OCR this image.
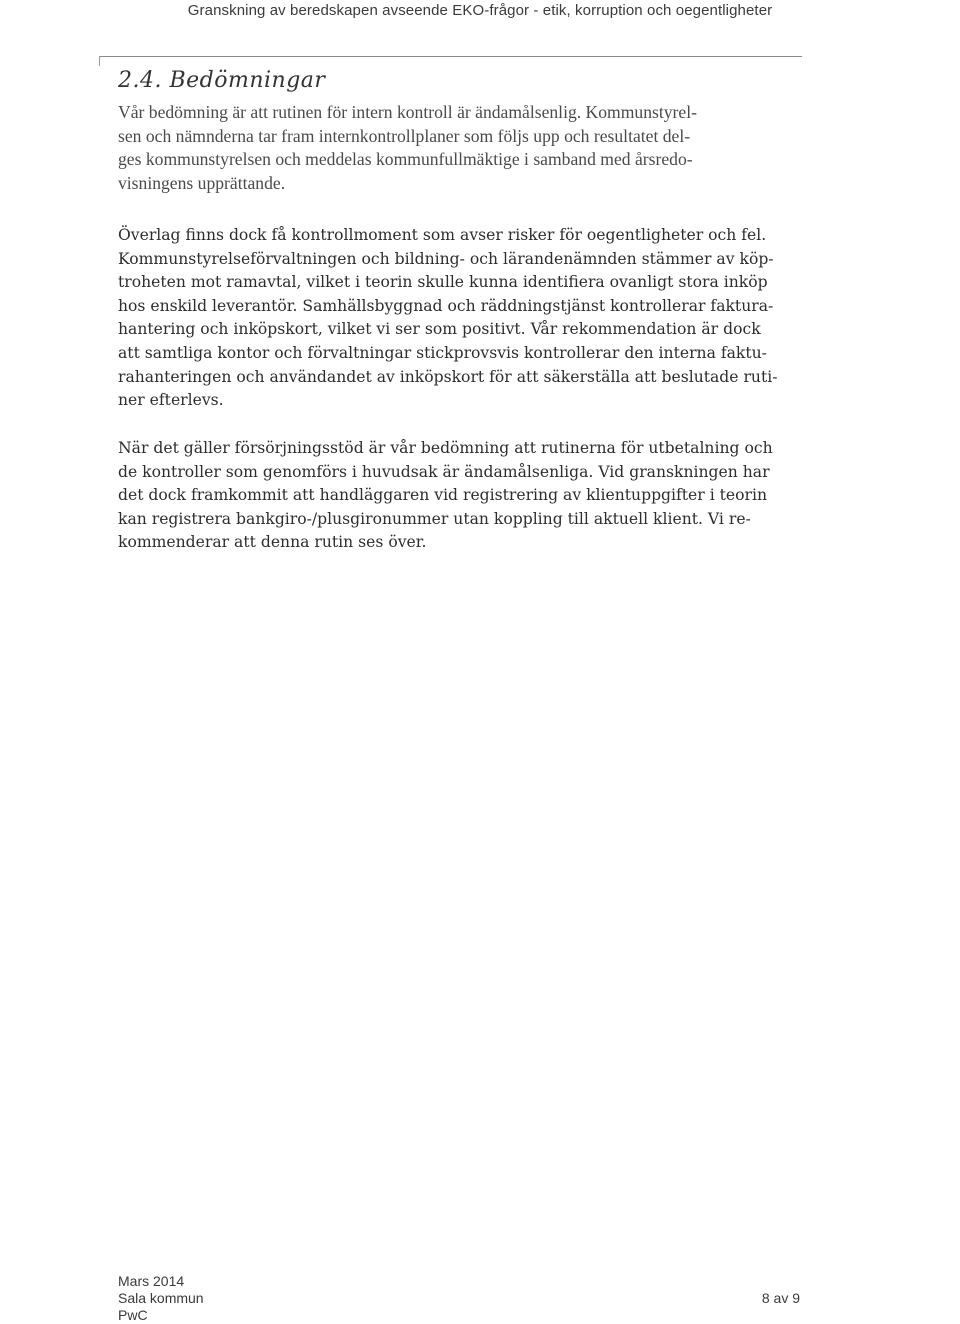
Granskning av beredskapen avseende EKO-frågor - etik, korruption och oegentligheter
2.4. Bedömningar

Vår bedömning är att rutinen för intern kontroll är ändamålsenlig. Kommunstyrel-
sen och nämnderna tar fram internkontrollplaner som följs upp och resultatet del-
ges kommunstyrelsen och meddelas kommunfullmäktige i samband med årsredo-
visningens upprättande.

Överlag finns dock få kontrollmoment som avser risker för oegentligheter och fel.
Kommunstyrelseförvaltningen och bildning- och lärandenämnden stämmer av köp-
troheten mot ramavtal, vilket i teorin skulle kunna identifiera ovanligt stora inköp
hos enskild leverantör. Samhällsbyggnad och räddningstjänst kontrollerar faktura-
hantering och inköpskort, vilket vi ser som positivt. Vår rekommendation är dock
att samtliga kontor och förvaltningar stickprovsvis kontrollerar den interna faktu-
rahanteringen och användandet av inköpskort för att säkerställa att beslutade ruti-
ner efterlevs.

När det gäller försörjningsstöd är vår bedömning att rutinerna för utbetalning och
de kontroller som genomförs i huvudsak är ändamålsenliga. Vid granskningen har
det dock framkommit att handläggaren vid registrering av klientuppgifter i teorin
kan registrera bankgiro-/plusgironummer utan koppling till aktuell klient. Vi re-
kommenderar att denna rutin ses över.

Mars 2014
Sala kommun
PwC
8 av 9
